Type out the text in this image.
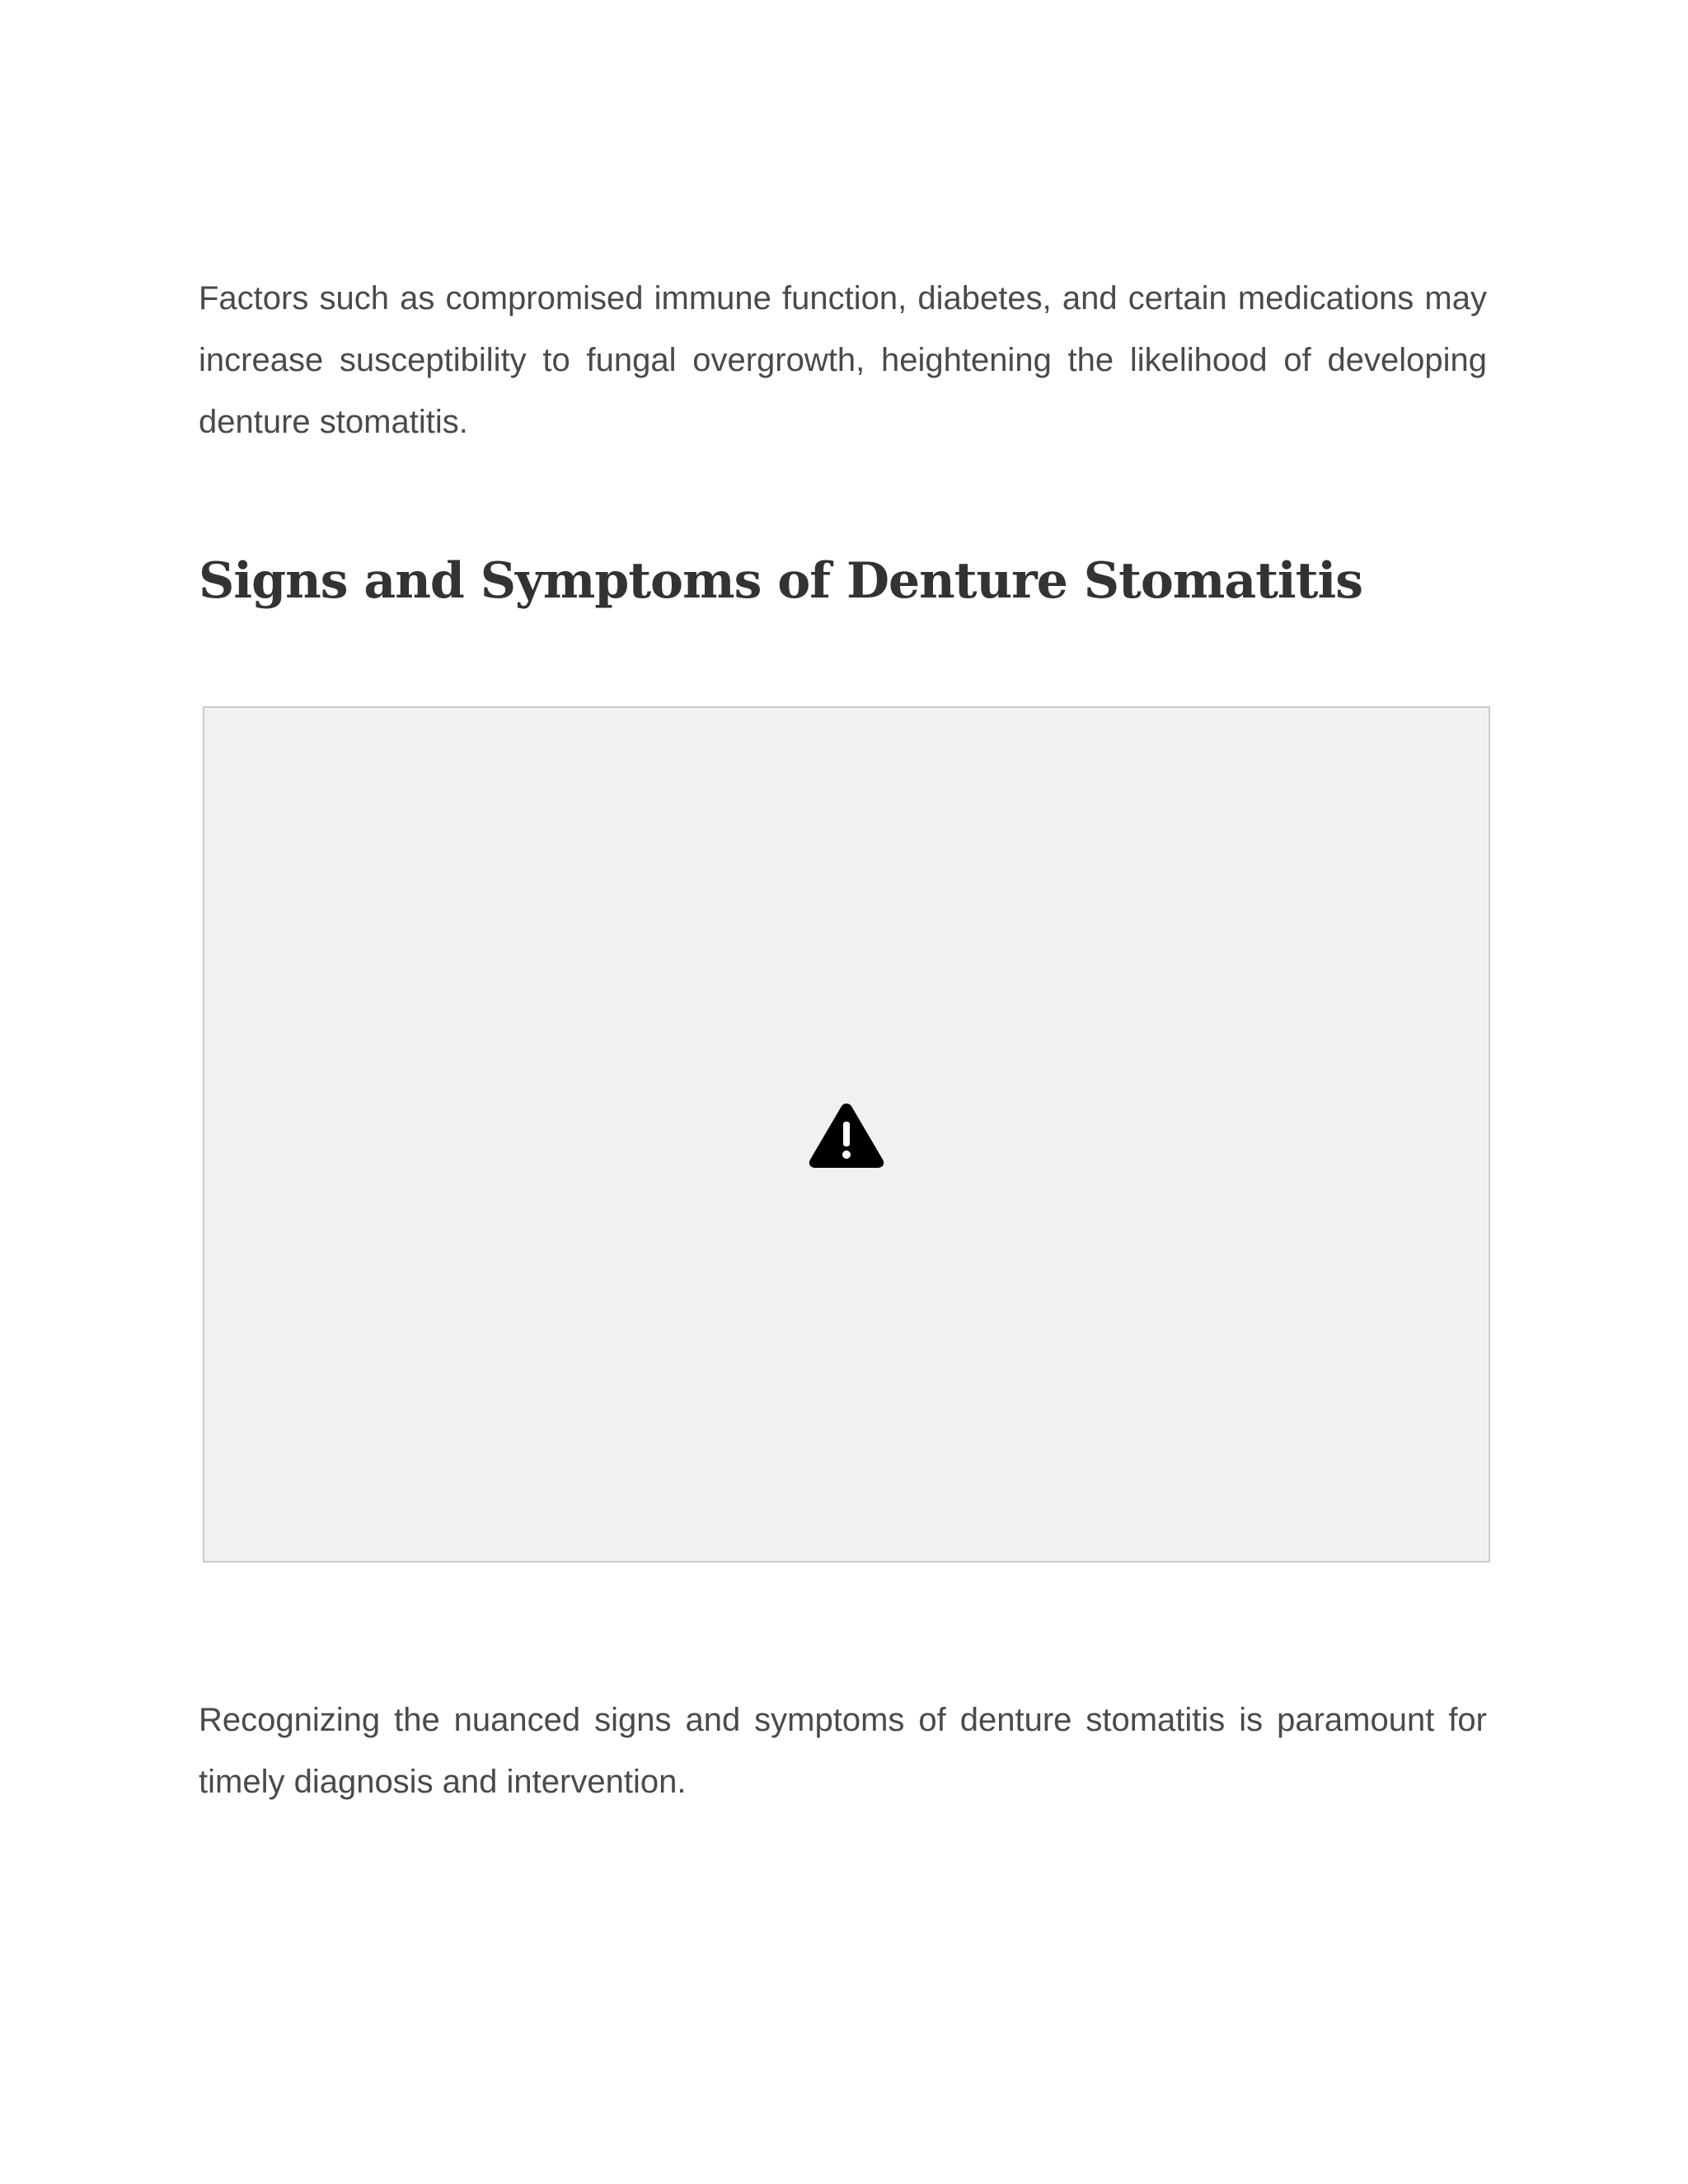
Factors such as compromised immune function, diabetes, and certain medications may increase susceptibility to fungal overgrowth, heightening the likelihood of developing denture stomatitis.

Signs and Symptoms of Denture Stomatitis

Recognizing the nuanced signs and symptoms of denture stomatitis is paramount for timely diagnosis and intervention.
